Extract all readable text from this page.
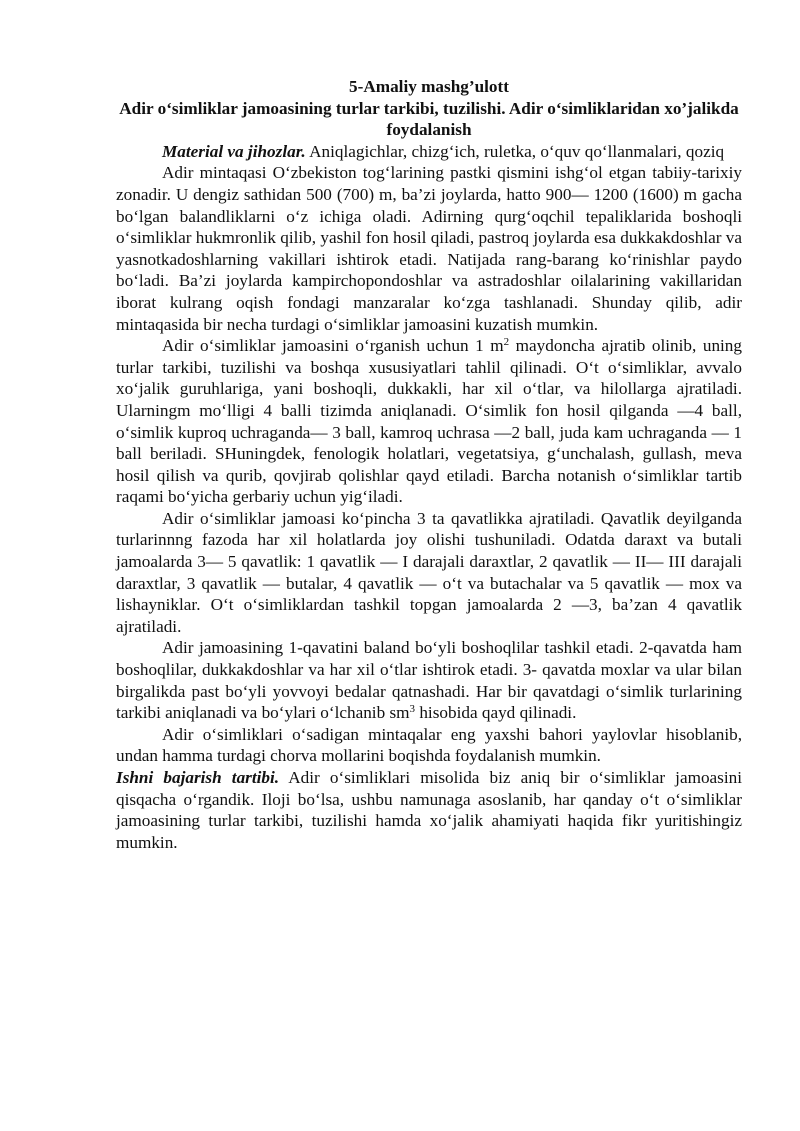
5-Amaliy mashg’ulott

Adir o‘simliklar jamoasining turlar tarkibi, tuzilishi. Adir o‘simliklaridan xo’jalikda foydalanish

Material va jihozlar. Aniqlagichlar, chizg‘ich, ruletka, o‘quv qo‘llanmalari, qoziq

Adir mintaqasi O‘zbekiston tog‘larining pastki qismini ishg‘ol etgan tabiiy-tarixiy zonadir. U dengiz sathidan 500 (700) m, ba’zi joylarda, hatto 900— 1200 (1600) m gacha bo‘lgan balandliklarni o‘z ichiga oladi. Adirning qurg‘oqchil tepaliklarida boshoqli o‘simliklar hukmronlik qilib, yashil fon hosil qiladi, pastroq joylarda esa dukkakdoshlar va yasnotkadoshlarning vakillari ishtirok etadi. Natijada rang-barang ko‘rinishlar paydo bo‘ladi. Ba’zi joylarda kampirchopondoshlar va astradoshlar oilalarining vakillaridan iborat kulrang oqish fondagi manzaralar ko‘zga tashlanadi. Shunday qilib, adir mintaqasida bir necha turdagi o‘simliklar jamoasini kuzatish mumkin.

Adir o‘simliklar jamoasini o‘rganish uchun 1 $m^2$ maydoncha ajratib olinib, uning turlar tarkibi, tuzilishi va boshqa xususiyatlari tahlil qilinadi. O‘t o‘simliklar, avvalo xo‘jalik guruhlariga, yani boshoqli, dukkakli, har xil o‘tlar, va hilollarga ajratiladi. Ularningm mo‘lligi 4 balli tizimda aniqlanadi. O‘simlik fon hosil qilganda —4 ball, o‘simlik kuproq uchraganda— 3 ball, kamroq uchrasa —2 ball, juda kam uchraganda — 1 ball beriladi. SHuningdek, fenologik holatlari, vegetatsiya, g‘unchalash, gullash, meva hosil qilish va qurib, qovjirab qolishlar qayd etiladi. Barcha notanish o‘simliklar tartib raqami bo‘yicha gerbariy uchun yig‘iladi.

Adir o‘simliklar jamoasi ko‘pincha 3 ta qavatlikka ajratiladi. Qavatlik deyilganda turlarinnng fazoda har xil holatlarda joy olishi tushuniladi. Odatda daraxt va butali jamoalarda 3— 5 qavatlik: 1 qavatlik — I darajali daraxtlar, 2 qavatlik — II— III darajali daraxtlar, 3 qavatlik — butalar, 4 qavatlik — o‘t va butachalar va 5 qavatlik — mox va lishayniklar. O‘t o‘simliklardan tashkil topgan jamoalarda 2 —3, ba’zan 4 qavatlik ajratiladi.

Adir jamoasining 1-qavatini baland bo‘yli boshoqlilar tashkil etadi. 2-qavatda ham boshoqlilar, dukkakdoshlar va har xil o‘tlar ishtirok etadi. 3- qavatda moxlar va ular bilan birgalikda past bo‘yli yovvoyi bedalar qatnashadi. Har bir qavatdagi o‘simlik turlarining tarkibi aniqlanadi va bo‘ylari o‘lchanib $sm^3$ hisobida qayd qilinadi.

Adir o‘simliklari o‘sadigan mintaqalar eng yaxshi bahori yaylovlar hisoblanib, undan hamma turdagi chorva mollarini boqishda foydalanish mumkin.

Ishni bajarish tartibi. Adir o‘simliklari misolida biz aniq bir o‘simliklar jamoasini qisqacha o‘rgandik. Iloji bo‘lsa, ushbu namunaga asoslanib, har qanday o‘t o‘simliklar jamoasining turlar tarkibi, tuzilishi hamda xo‘jalik ahamiyati haqida fikr yuritishingiz mumkin.
